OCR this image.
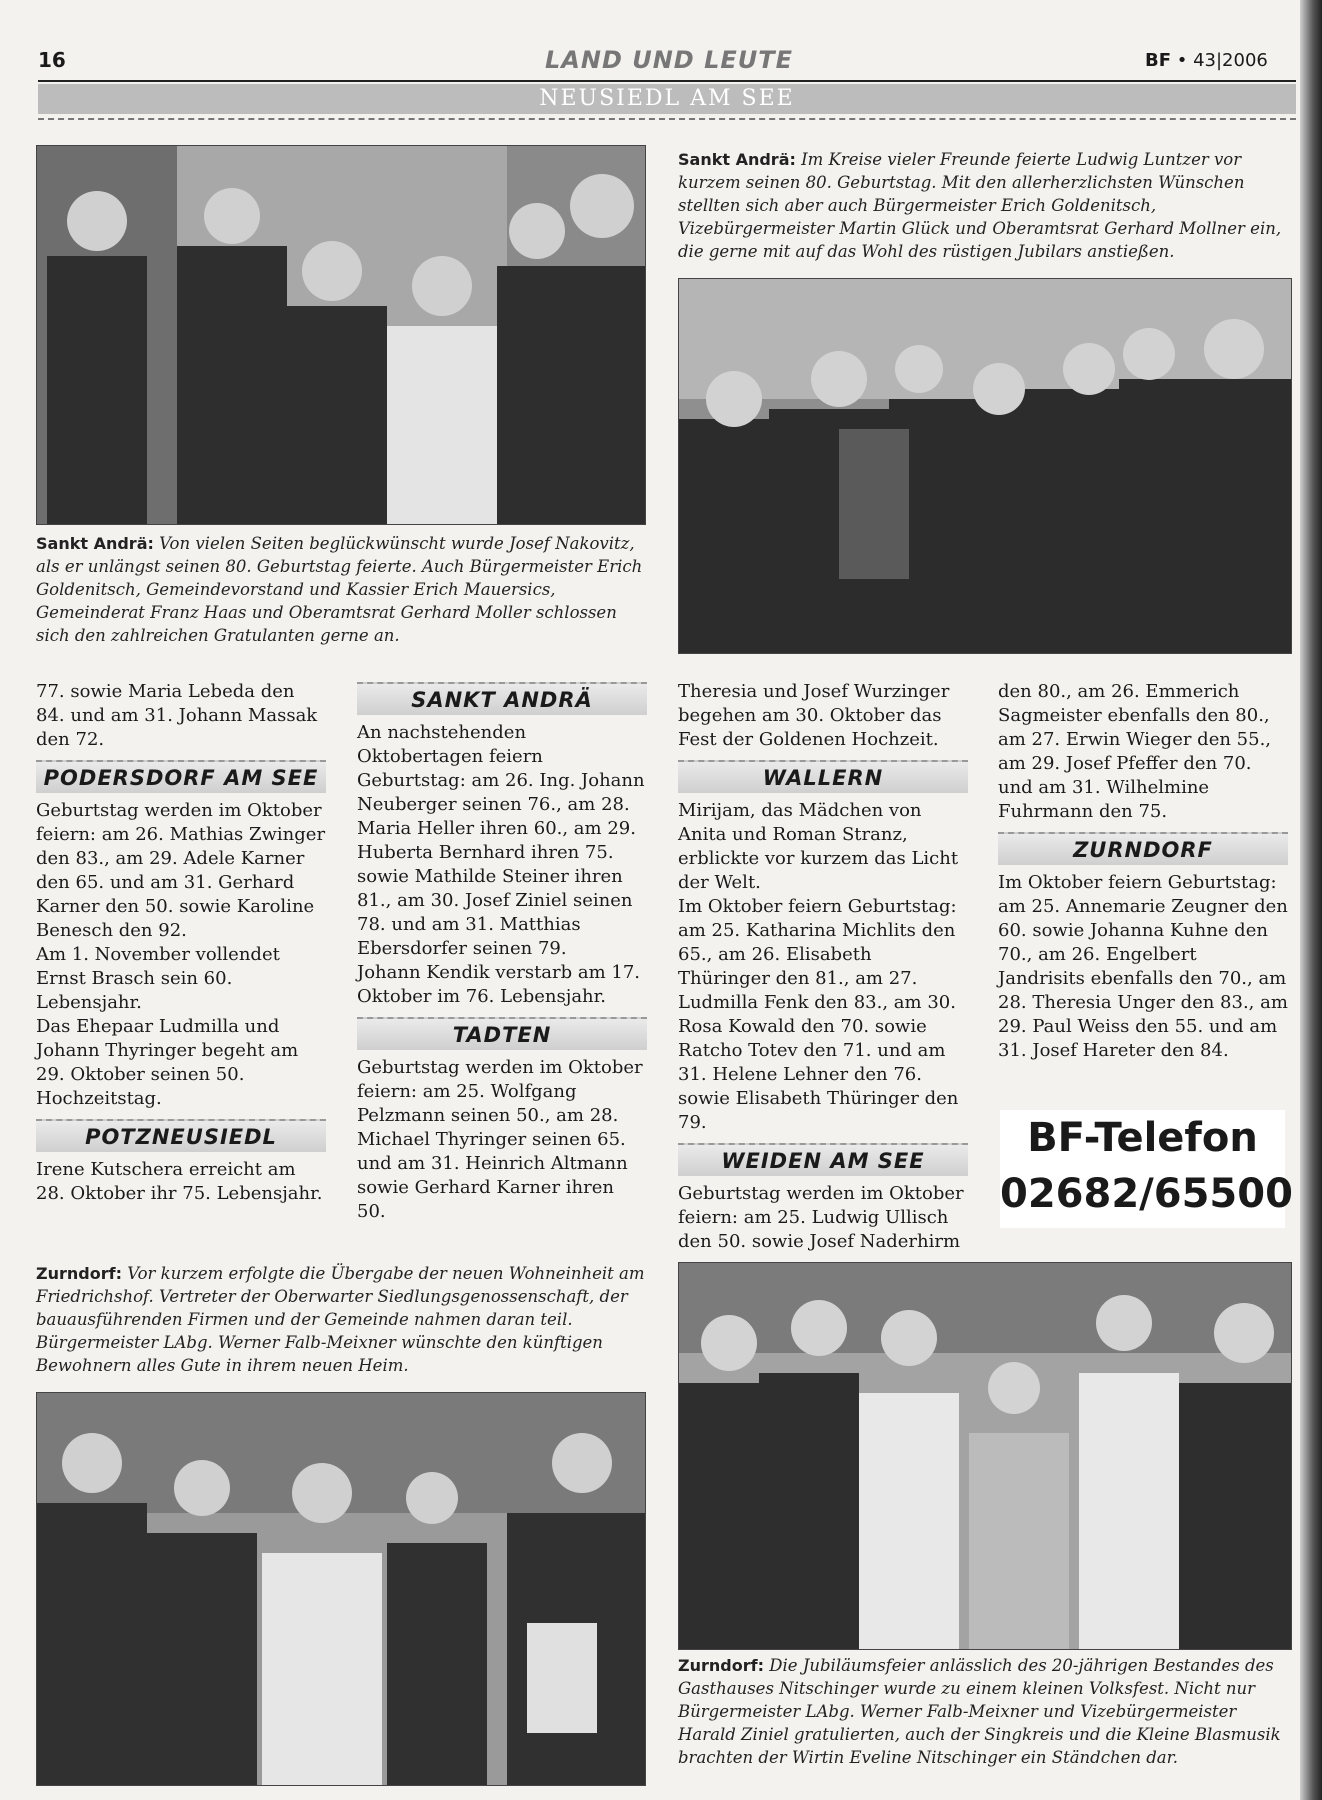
16	LAND UND LEUTE	BF • 43|2006
NEUSIEDL AM SEE
Sankt Andrä: Von vielen Seiten beglückwünscht wurde Josef Nakovitz, als er unlängst seinen 80. Geburtstag feierte. Auch Bürgermeister Erich Goldenitsch, Gemeindevorstand und Kassier Erich Mauersics, Gemeinderat Franz Haas und Oberamtsrat Gerhard Moller schlossen sich den zahlreichen Gratulanten gerne an.
Sankt Andrä: Im Kreise vieler Freunde feierte Ludwig Luntzer vor kurzem seinen 80. Geburtstag. Mit den allerherzlichsten Wünschen stellten sich aber auch Bürgermeister Erich Goldenitsch, Vizebürgermeister Martin Glück und Oberamtsrat Gerhard Mollner ein, die gerne mit auf das Wohl des rüstigen Jubilars anstießen.

77. sowie Maria Lebeda den 84. und am 31. Johann Massak den 72.

PODERSDORF AM SEE

Geburtstag werden im Oktober feiern: am 26. Mathias Zwinger den 83., am 29. Adele Karner den 65. und am 31. Gerhard Karner den 50. sowie Karoline Benesch den 92.

Am 1. November vollendet Ernst Brasch sein 60. Lebensjahr.

Das Ehepaar Ludmilla und Johann Thyringer begeht am 29. Oktober seinen 50. Hochzeitstag.

POTZNEUSIEDL

Irene Kutschera erreicht am 28. Oktober ihr 75. Lebensjahr.

SANKT ANDRÄ

An nachstehenden Oktobertagen feiern Geburtstag: am 26. Ing. Johann Neuberger seinen 76., am 28. Maria Heller ihren 60., am 29. Huberta Bernhard ihren 75. sowie Mathilde Steiner ihren 81., am 30. Josef Ziniel seinen 78. und am 31. Matthias Ebersdorfer seinen 79.

Johann Kendik verstarb am 17. Oktober im 76. Lebensjahr.

TADTEN

Geburtstag werden im Oktober feiern: am 25. Wolfgang Pelzmann seinen 50., am 28. Michael Thyringer seinen 65. und am 31. Heinrich Altmann sowie Gerhard Karner ihren 50.

Theresia und Josef Wurzinger begehen am 30. Oktober das Fest der Goldenen Hochzeit.

WALLERN

Mirijam, das Mädchen von Anita und Roman Stranz, erblickte vor kurzem das Licht der Welt.

Im Oktober feiern Geburtstag: am 25. Katharina Michlits den 65., am 26. Elisabeth Thüringer den 81., am 27. Ludmilla Fenk den 83., am 30. Rosa Kowald den 70. sowie Ratcho Totev den 71. und am 31. Helene Lehner den 76. sowie Elisabeth Thüringer den 79.

WEIDEN AM SEE

Geburtstag werden im Oktober feiern: am 25. Ludwig Ullisch den 50. sowie Josef Naderhirm

den 80., am 26. Emmerich Sagmeister ebenfalls den 80., am 27. Erwin Wieger den 55., am 29. Josef Pfeffer den 70. und am 31. Wilhelmine Fuhrmann den 75.

ZURNDORF

Im Oktober feiern Geburtstag: am 25. Annemarie Zeugner den 60. sowie Johanna Kuhne den 70., am 26. Engelbert Jandrisits ebenfalls den 70., am 28. Theresia Unger den 83., am 29. Paul Weiss den 55. und am 31. Josef Hareter den 84.

BF-Telefon
02682/65500
Zurndorf: Vor kurzem erfolgte die Übergabe der neuen Wohneinheit am Friedrichshof. Vertreter der Oberwarter Siedlungsgenossenschaft, der bauausführenden Firmen und der Gemeinde nahmen daran teil. Bürgermeister LAbg. Werner Falb-Meixner wünschte den künftigen Bewohnern alles Gute in ihrem neuen Heim.
Zurndorf: Die Jubiläumsfeier anlässlich des 20-jährigen Bestandes des Gasthauses Nitschinger wurde zu einem kleinen Volksfest. Nicht nur Bürgermeister LAbg. Werner Falb-Meixner und Vizebürgermeister Harald Ziniel gratulierten, auch der Singkreis und die Kleine Blasmusik brachten der Wirtin Eveline Nitschinger ein Ständchen dar.
